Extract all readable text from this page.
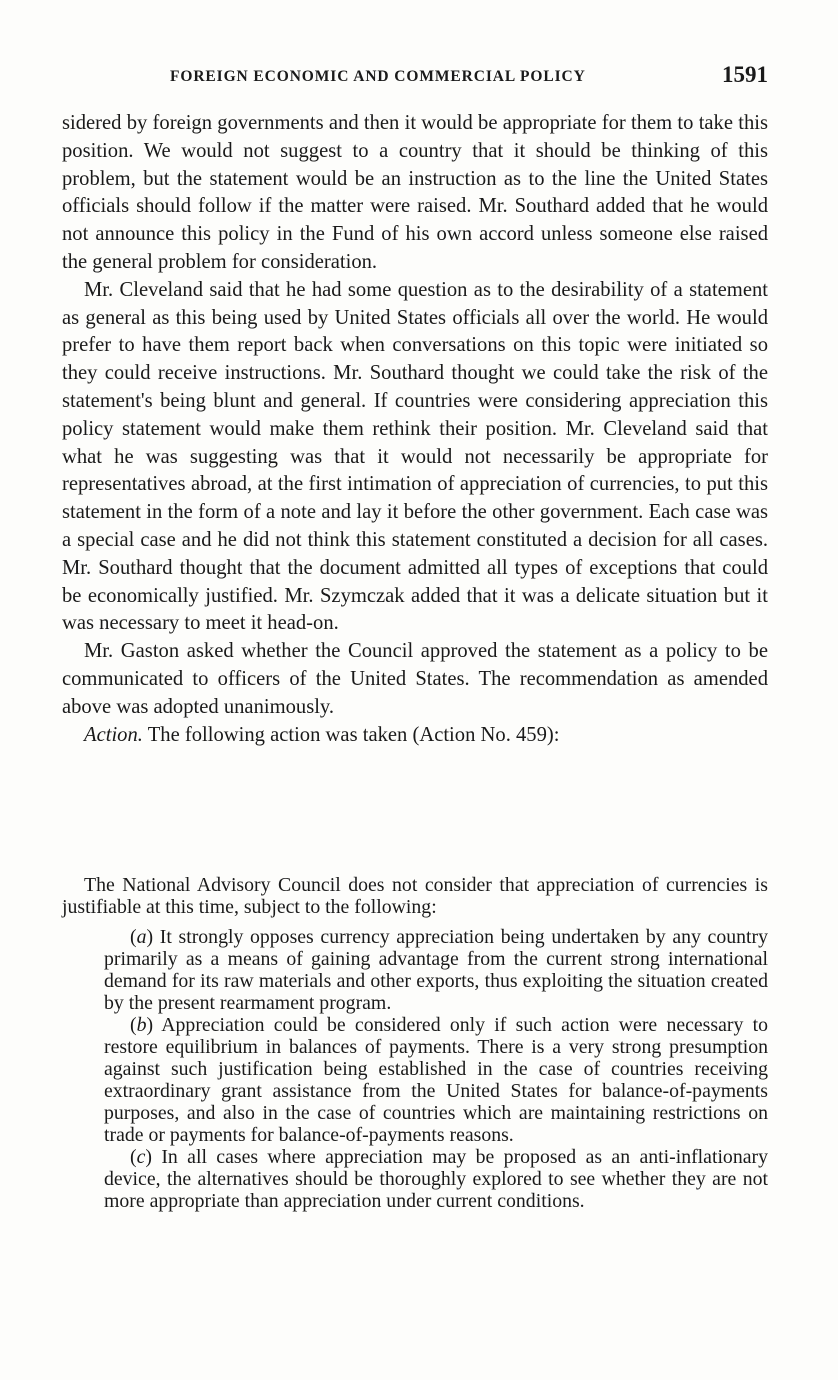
FOREIGN ECONOMIC AND COMMERCIAL POLICY	1591

sidered by foreign governments and then it would be appropriate for them to take this position. We would not suggest to a country that it should be thinking of this problem, but the statement would be an instruction as to the line the United States officials should follow if the matter were raised. Mr. Southard added that he would not announce this policy in the Fund of his own accord unless someone else raised the general problem for consideration.

Mr. Cleveland said that he had some question as to the desirability of a statement as general as this being used by United States officials all over the world. He would prefer to have them report back when conversations on this topic were initiated so they could receive instructions. Mr. Southard thought we could take the risk of the statement's being blunt and general. If countries were considering appreciation this policy statement would make them rethink their position. Mr. Cleveland said that what he was suggesting was that it would not necessarily be appropriate for representatives abroad, at the first intimation of appreciation of currencies, to put this statement in the form of a note and lay it before the other government. Each case was a special case and he did not think this statement constituted a decision for all cases. Mr. Southard thought that the document admitted all types of exceptions that could be economically justified. Mr. Szymczak added that it was a delicate situation but it was necessary to meet it head-on.

Mr. Gaston asked whether the Council approved the statement as a policy to be communicated to officers of the United States. The recommendation as amended above was adopted unanimously.

Action. The following action was taken (Action No. 459):

The National Advisory Council does not consider that appreciation of currencies is justifiable at this time, subject to the following:

(a) It strongly opposes currency appreciation being undertaken by any country primarily as a means of gaining advantage from the current strong international demand for its raw materials and other exports, thus exploiting the situation created by the present rearmament program.

(b) Appreciation could be considered only if such action were necessary to restore equilibrium in balances of payments. There is a very strong presumption against such justification being established in the case of countries receiving extraordinary grant assistance from the United States for balance-of-payments purposes, and also in the case of countries which are maintaining restrictions on trade or payments for balance-of-payments reasons.

(c) In all cases where appreciation may be proposed as an anti-inflationary device, the alternatives should be thoroughly explored to see whether they are not more appropriate than appreciation under current conditions.
